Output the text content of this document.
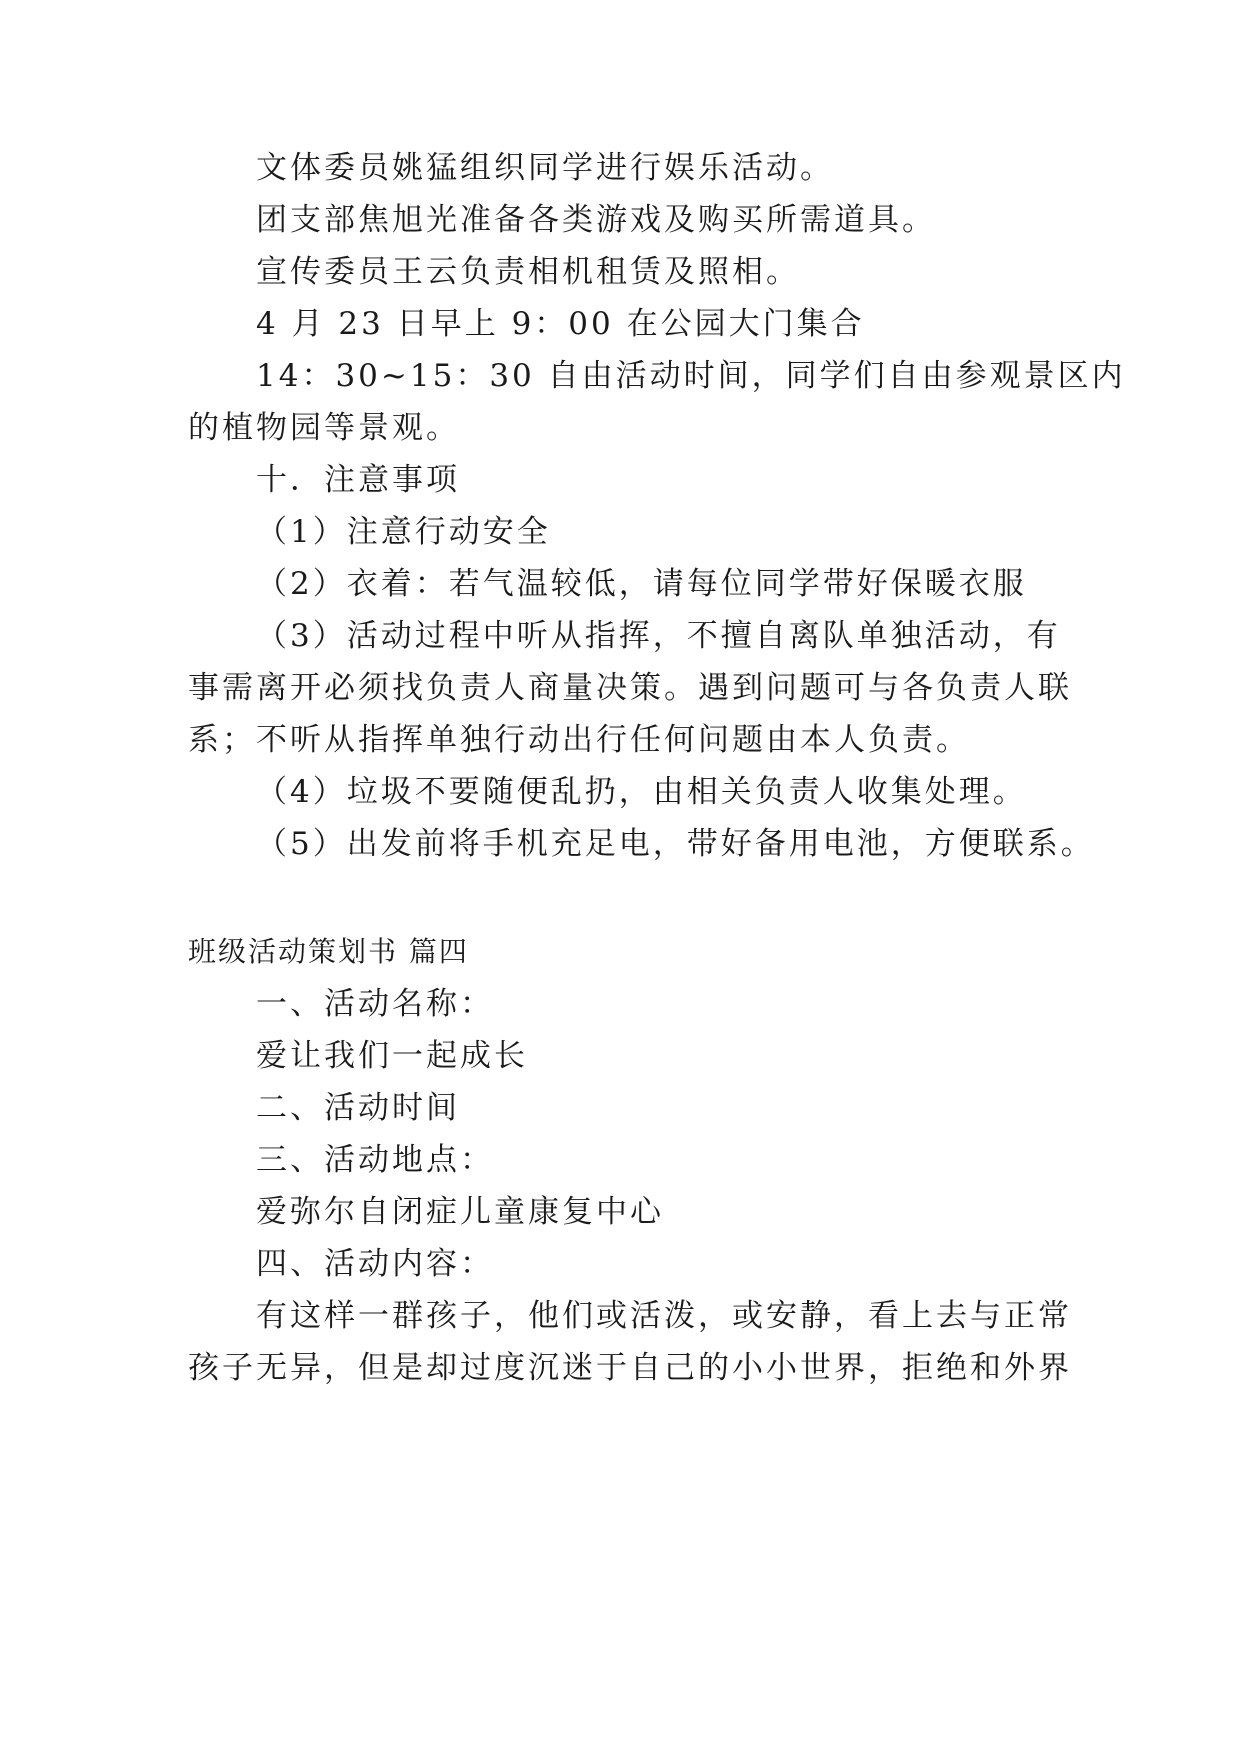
文体委员姚猛组织同学进行娱乐活动。
团支部焦旭光准备各类游戏及购买所需道具。
宣传委员王云负责相机租赁及照相。
4 月 23 日早上 9：00 在公园大门集合
14：30~15：30 自由活动时间，同学们自由参观景区内
的植物园等景观。
十．注意事项
（1）注意行动安全
（2）衣着：若气温较低，请每位同学带好保暖衣服
（3）活动过程中听从指挥，不擅自离队单独活动，有
事需离开必须找负责人商量决策。遇到问题可与各负责人联
系；不听从指挥单独行动出行任何问题由本人负责。
（4）垃圾不要随便乱扔，由相关负责人收集处理。
（5）出发前将手机充足电，带好备用电池，方便联系。
班级活动策划书 篇四
一、活动名称：
爱让我们一起成长
二、活动时间
三、活动地点：
爱弥尔自闭症儿童康复中心
四、活动内容：
有这样一群孩子，他们或活泼，或安静，看上去与正常
孩子无异，但是却过度沉迷于自己的小小世界，拒绝和外界
